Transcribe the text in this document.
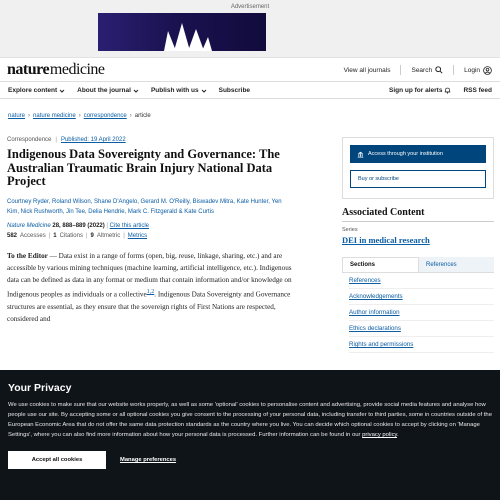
Advertisement
nature medicine	View all journals	Search	Login
Explore content	About the journal	Publish with us	Subscribe	Sign up for alerts	RSS feed
nature › nature medicine › correspondence › article
Correspondence | Published: 19 April 2022
Indigenous Data Sovereignty and Governance: The Australian Traumatic Brain Injury National Data Project
Courtney Ryder, Roland Wilson, Shane D'Angelo, Gerard M. O'Reilly, Biswadev Mitra, Kate Hunter, Yen Kim, Nick Rushworth, Jin Tee, Delia Hendrie, Mark C. Fitzgerald & Kate Curtis
Nature Medicine 28, 888–889 (2022) | Cite this article
582 Accesses | 1 Citations | 9 Altmetric | Metrics

To the Editor — Data exist in a range of forms (open, big, reuse, linkage, sharing, etc.) and are accessible by various mining techniques (machine learning, artificial intelligence, etc.). Indigenous data can be defined as data in any format or medium that contain information and/or knowledge on Indigenous peoples as individuals or a collective$^{1,2}$. Indigenous Data Sovereignty and Governance structures are essential, as they ensure that the sovereign rights of First Nations are respected, considered and

Access through your institution
Buy or subscribe
Associated Content
Series
DEI in medical research
Sections	References
References
Acknowledgements
Author information
Ethics declarations
Rights and permissions
Your Privacy

We use cookies to make sure that our website works properly, as well as some 'optional' cookies to personalise content and advertising, provide social media features and analyse how people use our site. By accepting some or all optional cookies you give consent to the processing of your personal data, including transfer to third parties, some in countries outside of the European Economic Area that do not offer the same data protection standards as the country where you live. You can decide which optional cookies to accept by clicking on 'Manage Settings', where you can also find more information about how your personal data is processed. Further information can be found in our privacy policy.

Accept all cookies	Manage preferences
